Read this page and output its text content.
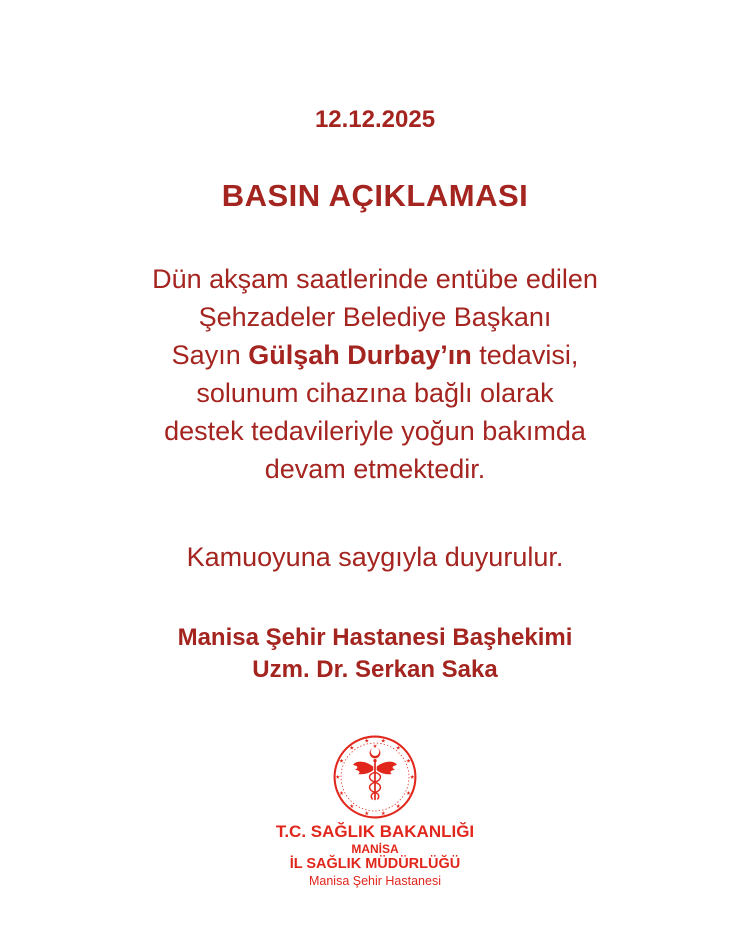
12.12.2025
BASIN AÇIKLAMASI
Dün akşam saatlerinde entübe edilen
Şehzadeler Belediye Başkanı
Sayın Gülşah Durbay’ın tedavisi,
solunum cihazına bağlı olarak
destek tedavileriyle yoğun bakımda
devam etmektedir.
Kamuoyuna saygıyla duyurulur.
Manisa Şehir Hastanesi Başhekimi
Uzm. Dr. Serkan Saka
T.C. SAĞLIK BAKANLIĞI
MANİSA
İL SAĞLIK MÜDÜRLÜĞÜ
Manisa Şehir Hastanesi
